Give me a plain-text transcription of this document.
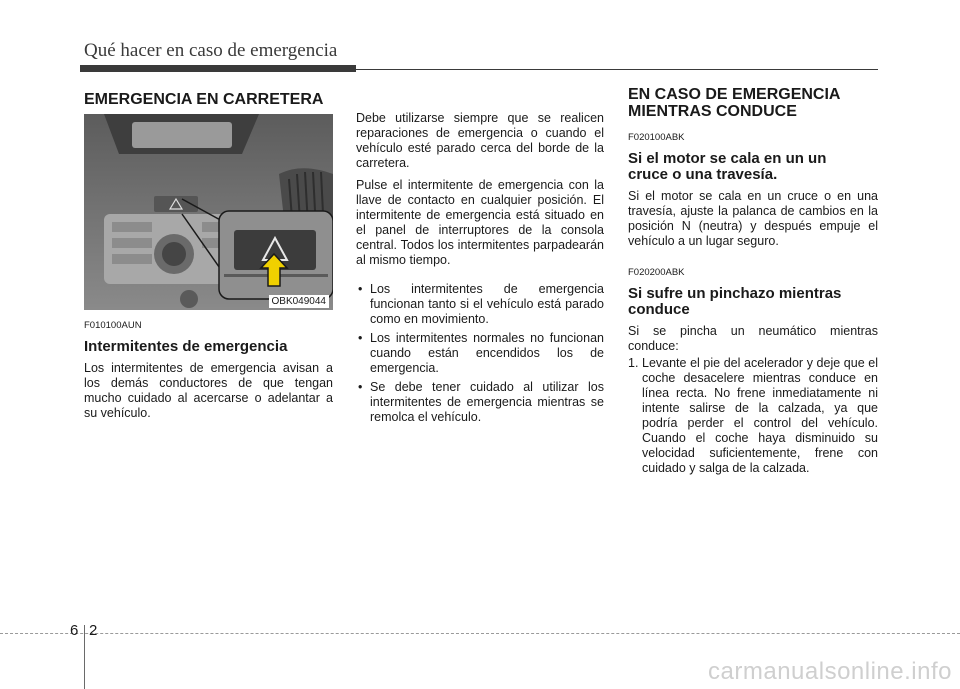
Qué hacer en caso de emergencia
EMERGENCIA EN CARRETERA
OBK049044
F010100AUN
Intermitentes de emergencia

Los intermitentes de emergencia avisan a los demás conductores de que tengan mucho cuidado al acercarse o adelantar a su vehículo.

Debe utilizarse siempre que se realicen reparaciones de emergencia o cuando el vehículo esté parado cerca del borde de la carretera.

Pulse el intermitente de emergencia con la llave de contacto en cualquier posición. El intermitente de emergencia está situado en el panel de interruptores de la consola central. Todos los intermitentes parpadearán al mismo tiempo.

• Los intermitentes de emergencia funcionan tanto si el vehículo está parado como en movimiento.
• Los intermitentes normales no funcionan cuando están encendidos los de emergencia.
• Se debe tener cuidado al utilizar los intermitentes de emergencia mientras se remolca el vehículo.
EN CASO DE EMERGENCIA
MIENTRAS CONDUCE
F020100ABK
Si el motor se cala en un un cruce o una travesía.

Si el motor se cala en un cruce o en una travesía, ajuste la palanca de cambios en la posición N (neutra) y después empuje el vehículo a un lugar seguro.

F020200ABK
Si sufre un pinchazo mientras conduce

Si se pincha un neumático mientras conduce:

1. Levante el pie del acelerador y deje que el coche desacelere mientras conduce en línea recta. No frene inmediatamente ni intente salirse de la calzada, ya que podría perder el control del vehículo. Cuando el coche haya disminuido su velocidad suficientemente, frene con cuidado y salga de la calzada.
6 2
carmanualsonline.info
